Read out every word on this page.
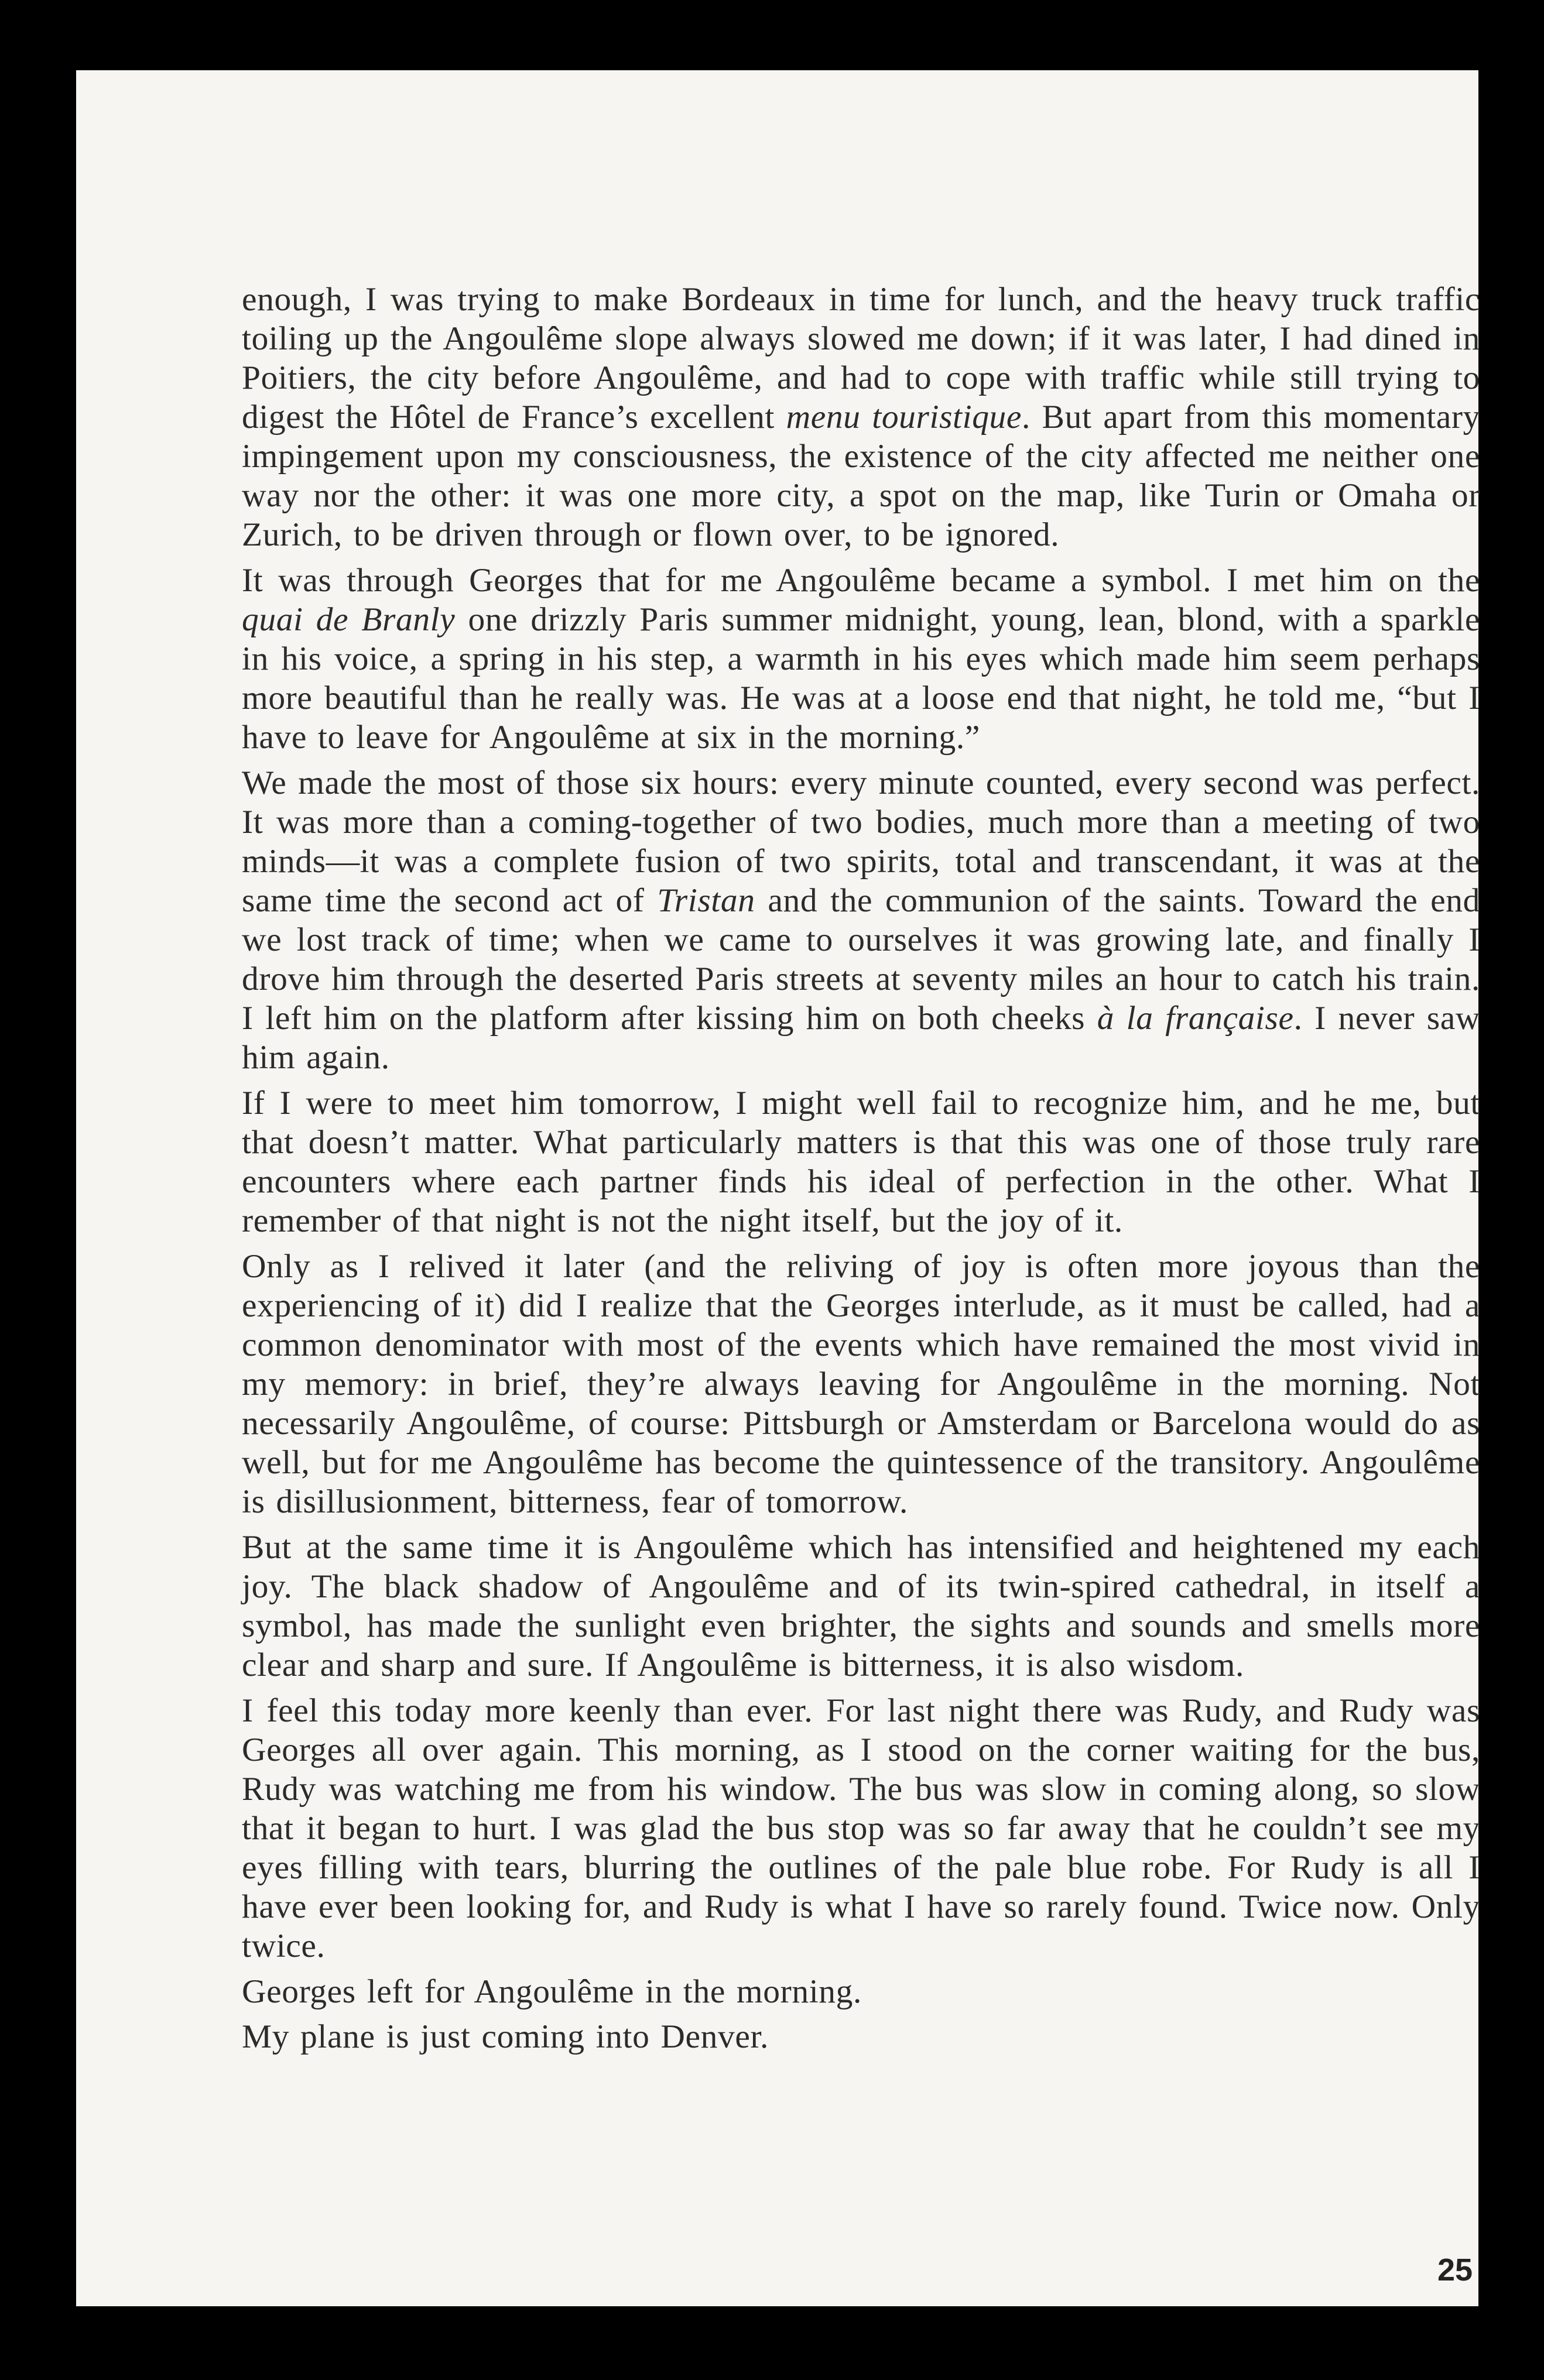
enough, I was trying to make Bordeaux in time for lunch, and the heavy truck traffic toiling up the Angoulême slope always slowed me down; if it was later, I had dined in Poitiers, the city before Angoulême, and had to cope with traffic while still trying to digest the Hôtel de France’s excellent menu touristique. But apart from this momentary impingement upon my consciousness, the existence of the city affected me neither one way nor the other: it was one more city, a spot on the map, like Turin or Omaha or Zurich, to be driven through or flown over, to be ignored.

It was through Georges that for me Angoulême became a symbol. I met him on the quai de Branly one drizzly Paris summer midnight, young, lean, blond, with a sparkle in his voice, a spring in his step, a warmth in his eyes which made him seem perhaps more beautiful than he really was. He was at a loose end that night, he told me, “but I have to leave for Angoulême at six in the morning.”

We made the most of those six hours: every minute counted, every second was perfect. It was more than a coming-together of two bodies, much more than a meeting of two minds—it was a complete fusion of two spirits, total and transcendant, it was at the same time the second act of Tristan and the communion of the saints. Toward the end we lost track of time; when we came to ourselves it was growing late, and finally I drove him through the deserted Paris streets at seventy miles an hour to catch his train. I left him on the platform after kissing him on both cheeks à la française. I never saw him again.

If I were to meet him tomorrow, I might well fail to recognize him, and he me, but that doesn’t matter. What particularly matters is that this was one of those truly rare encounters where each partner finds his ideal of perfection in the other. What I remember of that night is not the night itself, but the joy of it.

Only as I relived it later (and the reliving of joy is often more joyous than the experiencing of it) did I realize that the Georges interlude, as it must be called, had a common denominator with most of the events which have remained the most vivid in my memory: in brief, they’re always leaving for Angoulême in the morning. Not necessarily Angoulême, of course: Pittsburgh or Amsterdam or Barcelona would do as well, but for me Angoulême has become the quintessence of the transitory. Angoulême is disillusionment, bitterness, fear of tomorrow.

But at the same time it is Angoulême which has intensified and heightened my each joy. The black shadow of Angoulême and of its twin-spired cathedral, in itself a symbol, has made the sunlight even brighter, the sights and sounds and smells more clear and sharp and sure. If Angoulême is bitterness, it is also wisdom.

I feel this today more keenly than ever. For last night there was Rudy, and Rudy was Georges all over again. This morning, as I stood on the corner waiting for the bus, Rudy was watching me from his window. The bus was slow in coming along, so slow that it began to hurt. I was glad the bus stop was so far away that he couldn’t see my eyes filling with tears, blurring the outlines of the pale blue robe. For Rudy is all I have ever been looking for, and Rudy is what I have so rarely found. Twice now. Only twice.

Georges left for Angoulême in the morning.

My plane is just coming into Denver.

25
